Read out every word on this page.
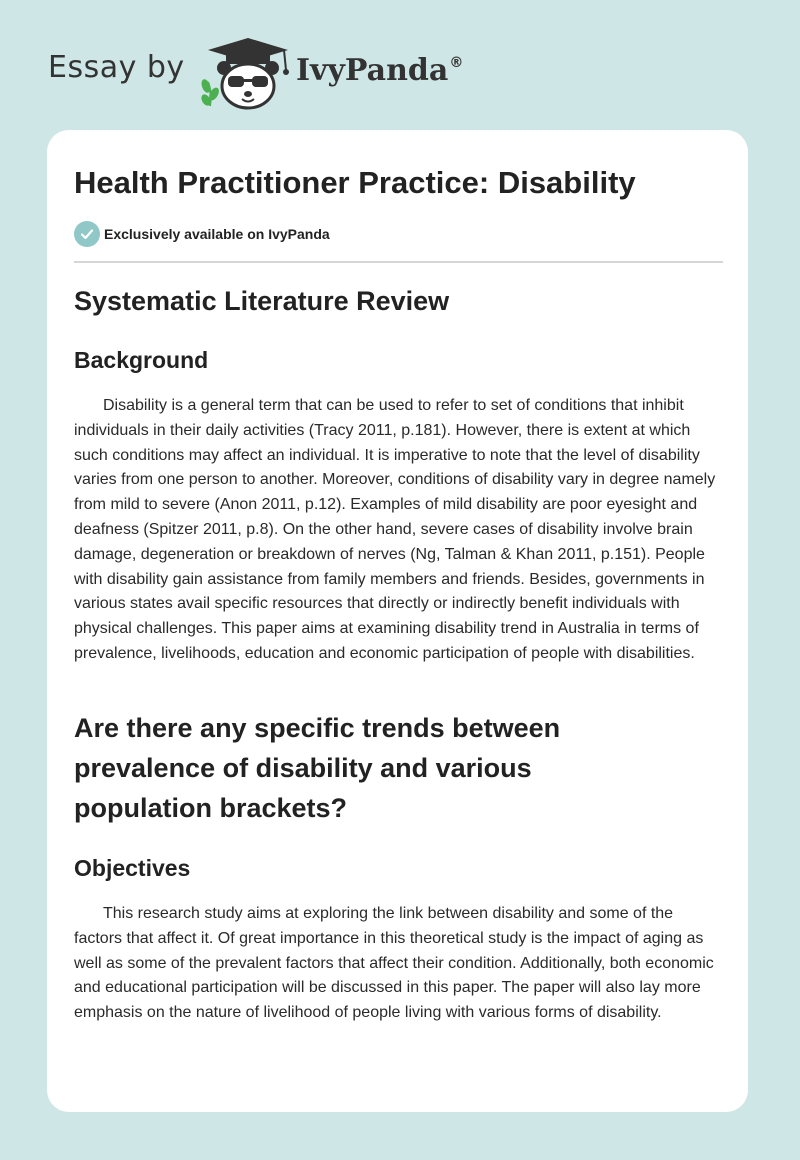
Essay by	IvyPanda®
Health Practitioner Practice: Disability
Exclusively available on IvyPanda
Systematic Literature Review
Background

Disability is a general term that can be used to refer to set of conditions that inhibit individuals in their daily activities (Tracy 2011, p.181). However, there is extent at which such conditions may affect an individual. It is imperative to note that the level of disability varies from one person to another. Moreover, conditions of disability vary in degree namely from mild to severe (Anon 2011, p.12). Examples of mild disability are poor eyesight and deafness (Spitzer 2011, p.8). On the other hand, severe cases of disability involve brain damage, degeneration or breakdown of nerves (Ng, Talman & Khan 2011, p.151). People with disability gain assistance from family members and friends. Besides, governments in various states avail specific resources that directly or indirectly benefit individuals with physical challenges. This paper aims at examining disability trend in Australia in terms of prevalence, livelihoods, education and economic participation of people with disabilities.

Are there any specific trends between prevalence of disability and various population brackets?
Objectives

This research study aims at exploring the link between disability and some of the factors that affect it. Of great importance in this theoretical study is the impact of aging as well as some of the prevalent factors that affect their condition. Additionally, both economic and educational participation will be discussed in this paper. The paper will also lay more emphasis on the nature of livelihood of people living with various forms of disability.
